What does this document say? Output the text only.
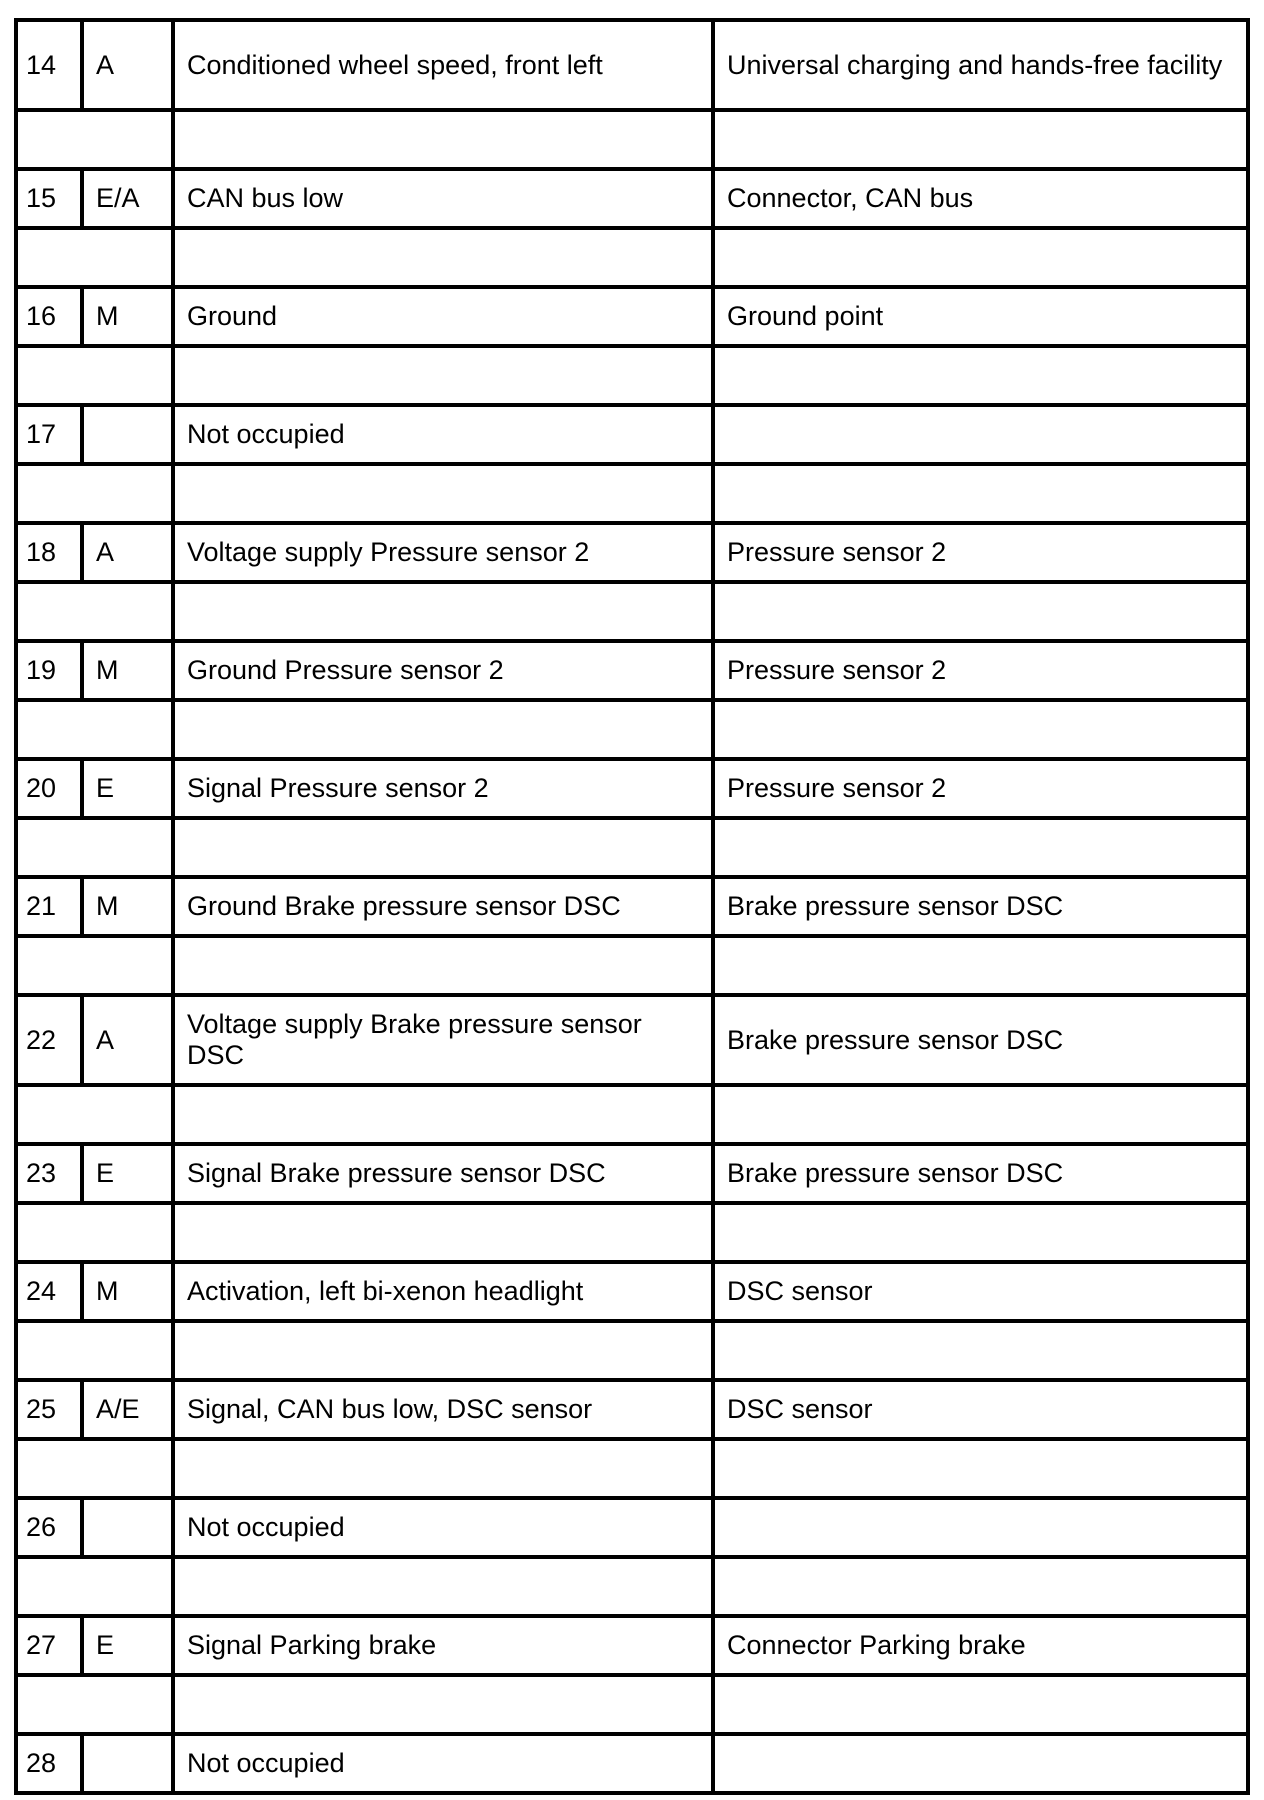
14	A	Conditioned wheel speed, front left	Universal charging and hands-free facility

15	E/A	CAN bus low	Connector, CAN bus

16	M	Ground	Ground point

17		Not occupied	

18	A	Voltage supply Pressure sensor 2	Pressure sensor 2

19	M	Ground Pressure sensor 2	Pressure sensor 2

20	E	Signal Pressure sensor 2	Pressure sensor 2

21	M	Ground Brake pressure sensor DSC	Brake pressure sensor DSC

22	A	Voltage supply Brake pressure sensor DSC	Brake pressure sensor DSC

23	E	Signal Brake pressure sensor DSC	Brake pressure sensor DSC

24	M	Activation, left bi-xenon headlight	DSC sensor

25	A/E	Signal, CAN bus low, DSC sensor	DSC sensor

26		Not occupied	

27	E	Signal Parking brake	Connector Parking brake

28		Not occupied	
